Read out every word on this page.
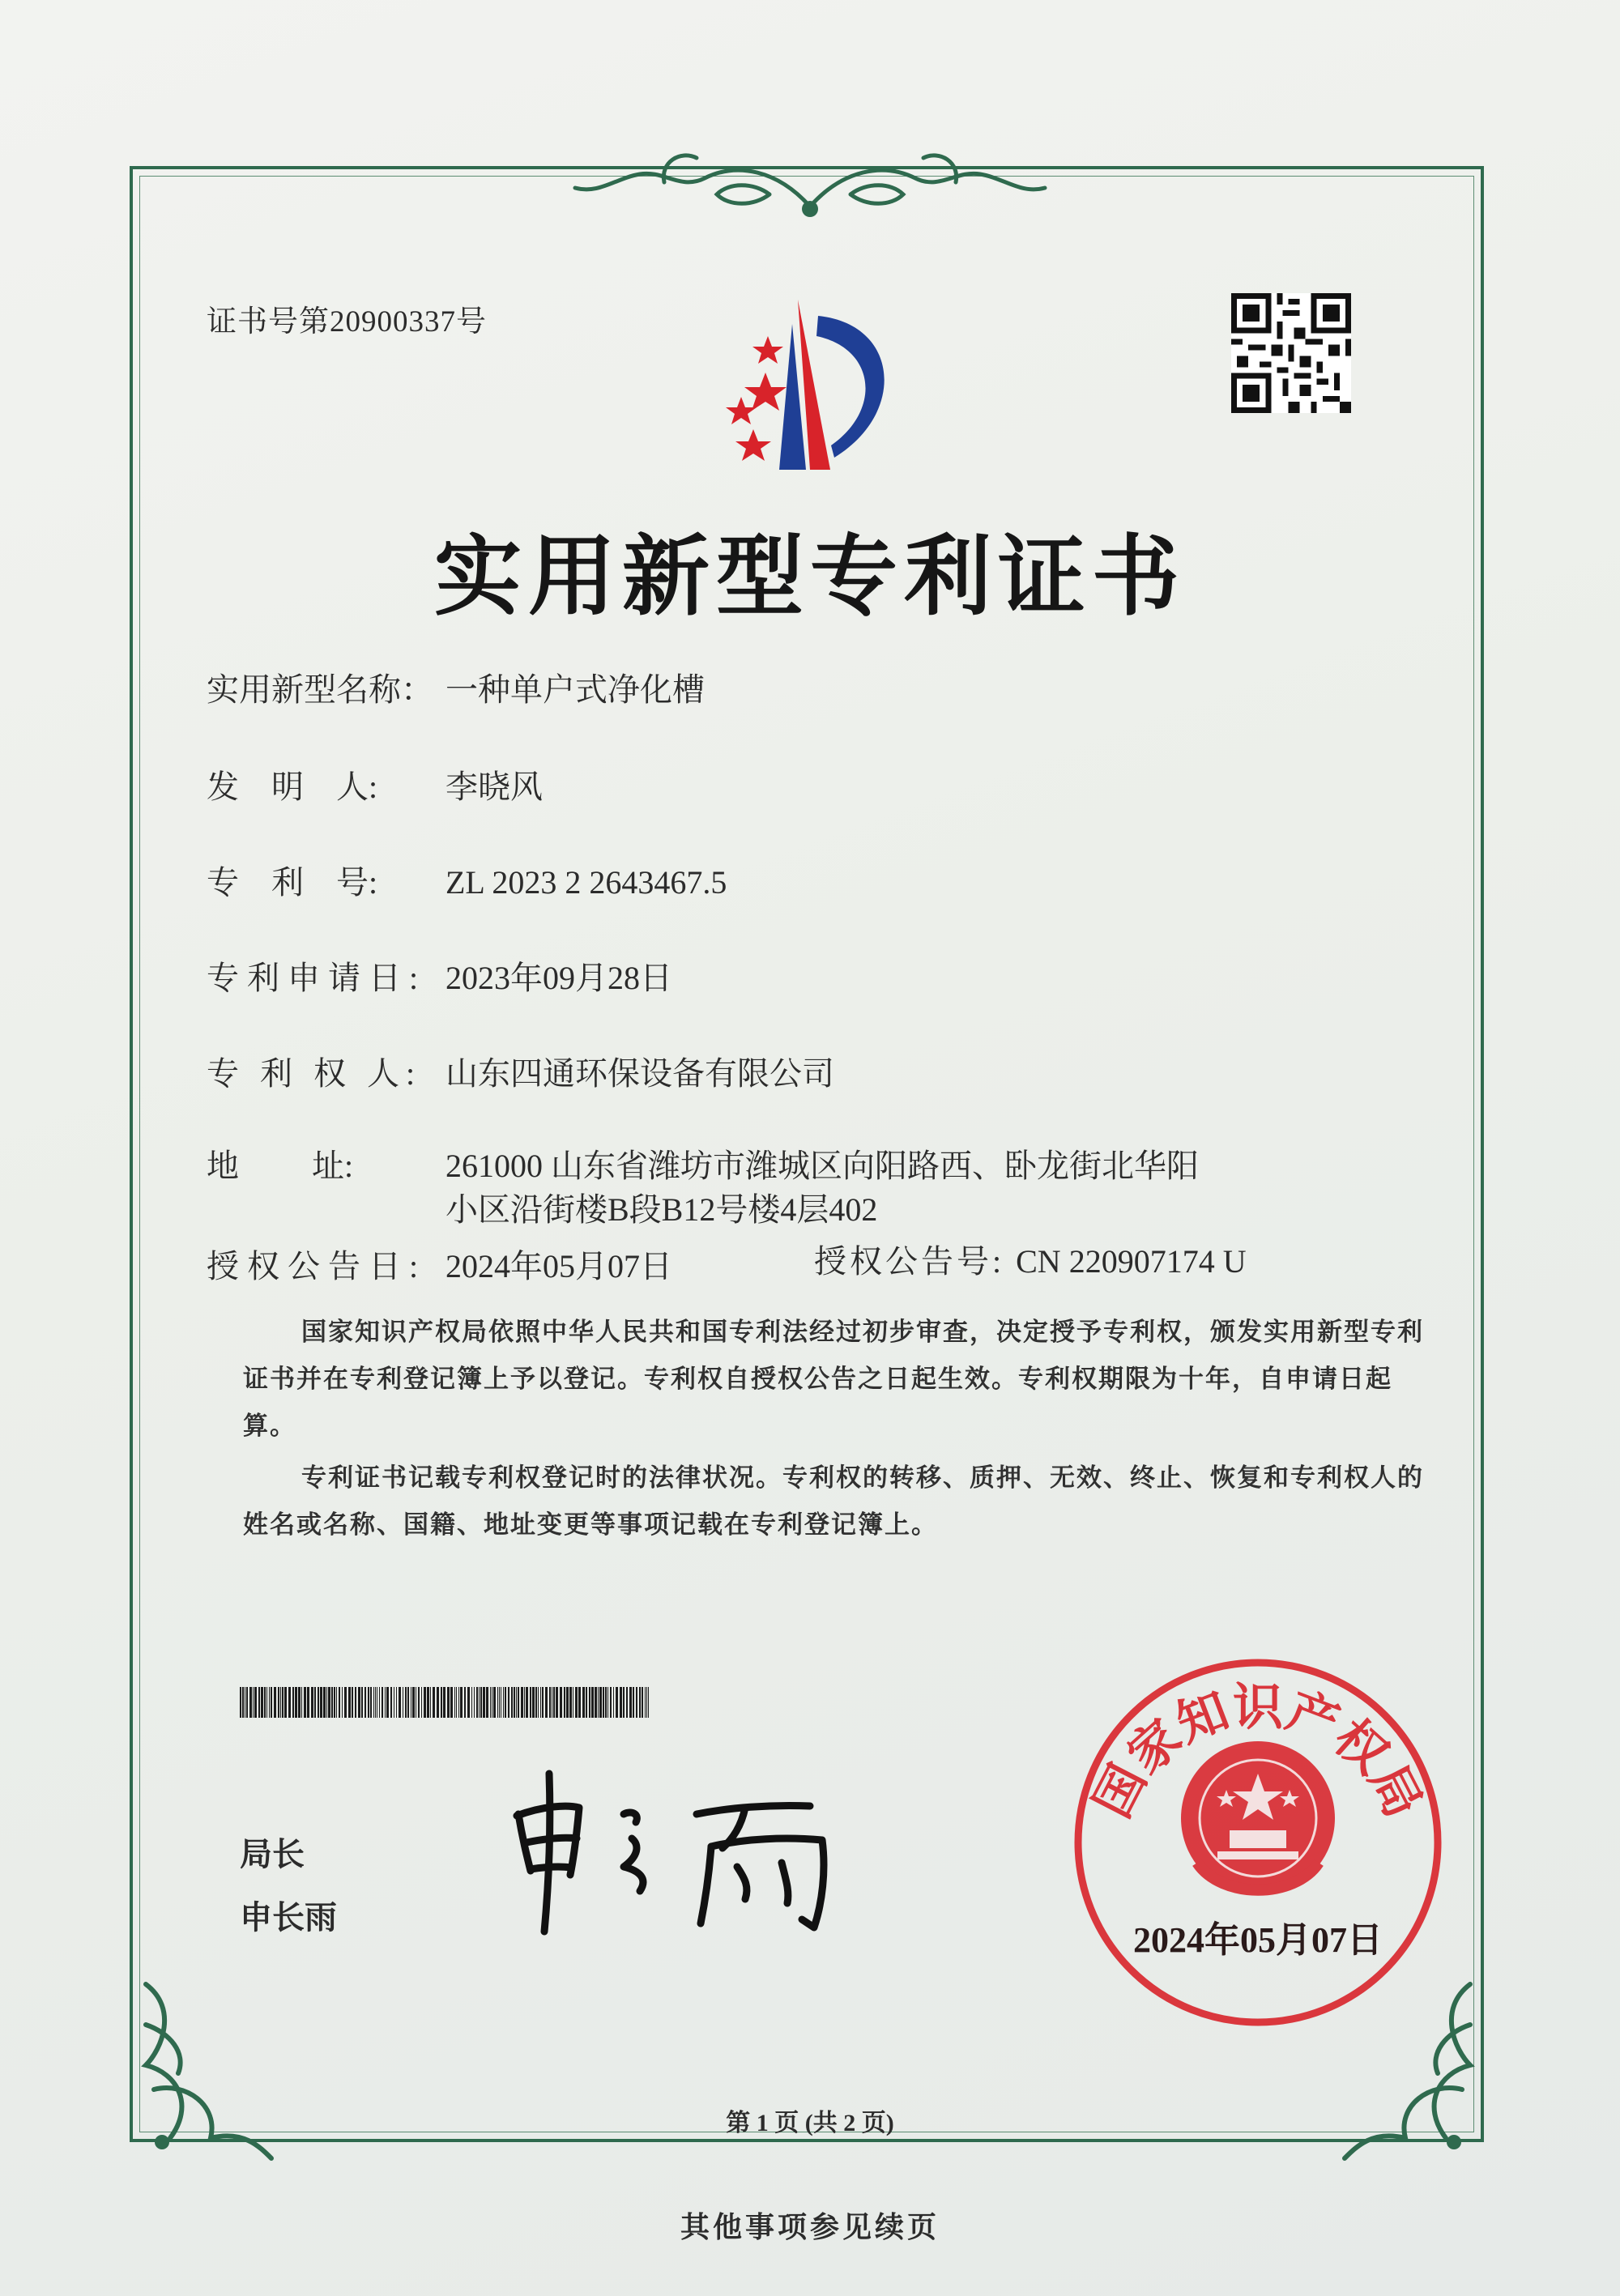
证书号第20900337号
实用新型专利证书
实用新型名称： 一种单户式净化槽
发    明    人: 李晓风
专    利    号: ZL 2023 2 2643467.5
专利申请日: 2023年09月28日
专 利 权 人: 山东四通环保设备有限公司
地         址:	261000 山东省潍坊市潍城区向阳路西、卧龙街北华阳
小区沿街楼B段B12号楼4层402
授权公告日: 2024年05月07日	授权公告号: CN 220907174 U
国家知识产权局依照中华人民共和国专利法经过初步审查，决定授予专利权，颁发实用新型专利证书并在专利登记簿上予以登记。专利权自授权公告之日起生效。专利权期限为十年，自申请日起算。
专利证书记载专利权登记时的法律状况。专利权的转移、质押、无效、终止、恢复和专利权人的姓名或名称、国籍、地址变更等事项记载在专利登记簿上。
局长
申长雨
国家知识产权局
2024年05月07日
第 1 页 (共 2 页)
其他事项参见续页
